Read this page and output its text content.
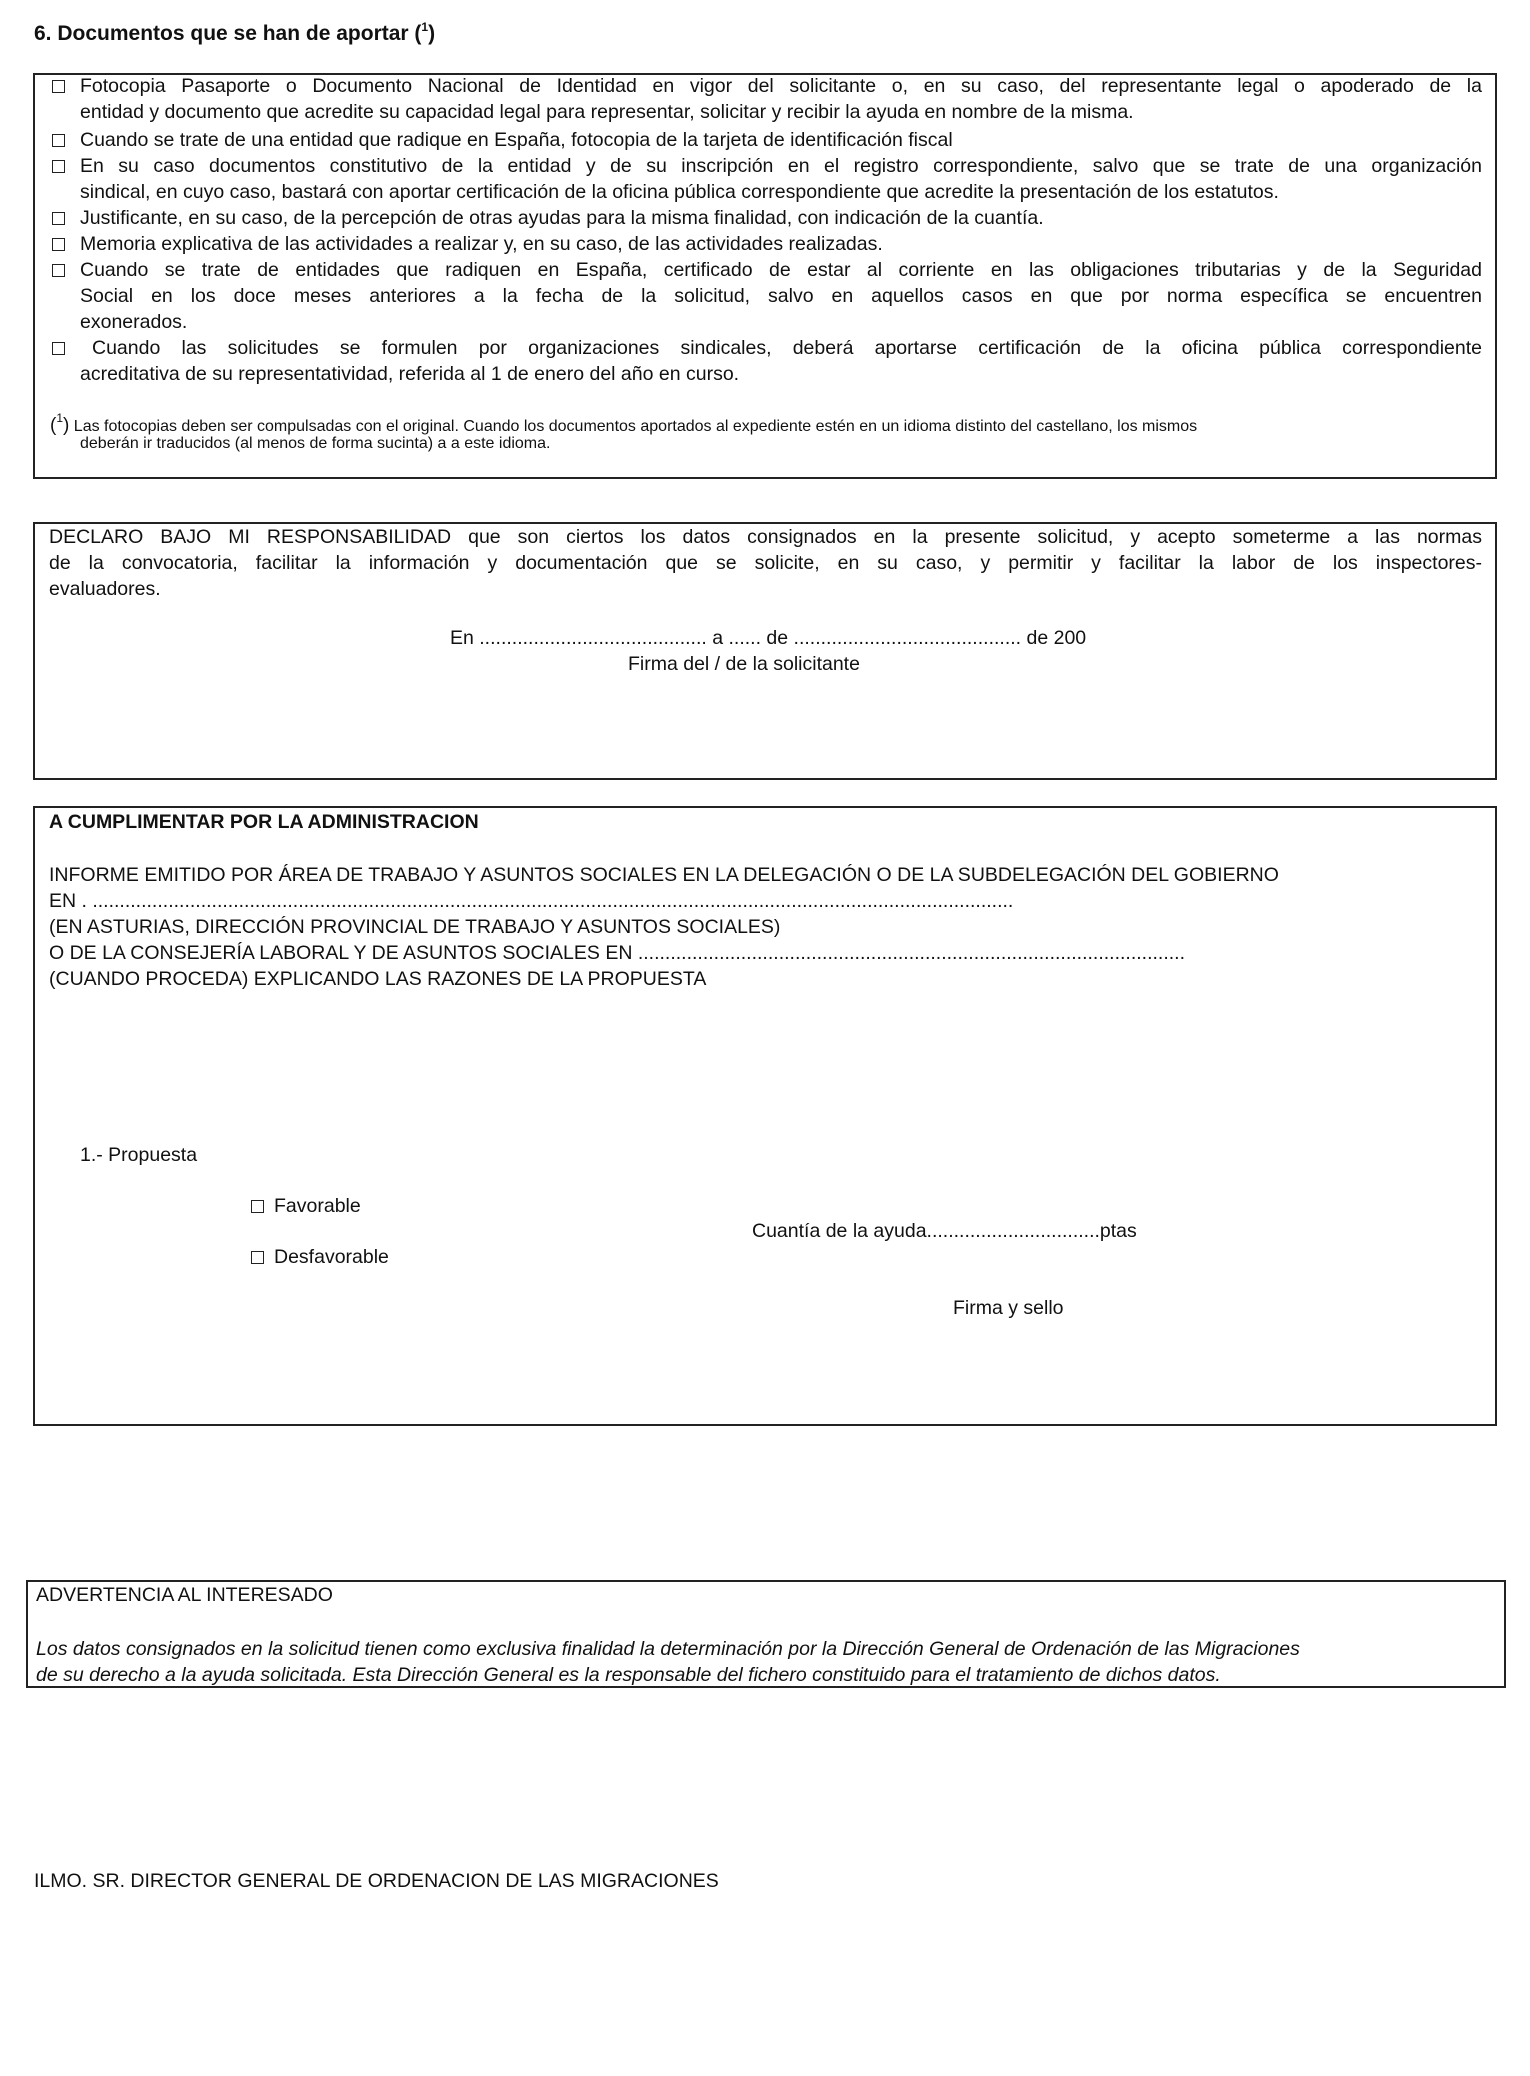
6. Documentos que se han de aportar ($^1$)
Fotocopia Pasaporte o Documento Nacional de Identidad en vigor del solicitante o, en su caso, del representante legal o apoderado de la
entidad y documento que acredite su capacidad legal para representar, solicitar y recibir la ayuda en nombre de la misma.
Cuando se trate de una entidad que radique en España, fotocopia de la tarjeta de identificación fiscal
En su caso documentos constitutivo de la entidad y de su inscripción en el registro correspondiente, salvo que se trate de una organización
sindical, en cuyo caso, bastará con aportar certificación de la oficina pública correspondiente que acredite la presentación de los estatutos.
Justificante, en su caso, de la percepción de otras ayudas para la misma finalidad, con indicación de la cuantía.
Memoria explicativa de las actividades a realizar y, en su caso, de las actividades realizadas.
Cuando se trate de entidades que radiquen en España, certificado de estar al corriente en las obligaciones tributarias y de la Seguridad
Social en los doce meses anteriores a la fecha de la solicitud, salvo en aquellos casos en que por norma específica se encuentren
exonerados.
Cuando las solicitudes se formulen por organizaciones sindicales, deberá aportarse certificación de la oficina pública correspondiente
acreditativa de su representatividad, referida al 1 de enero del año en curso.
($^1$) Las fotocopias deben ser compulsadas con el original. Cuando los documentos aportados al expediente estén en un idioma distinto del castellano, los mismos
deberán ir traducidos (al menos de forma sucinta) a a este idioma.
DECLARO BAJO MI RESPONSABILIDAD que son ciertos los datos consignados en la presente solicitud, y acepto someterme a las normas
de la convocatoria, facilitar la información y documentación que se solicite, en su caso, y permitir y facilitar la labor de los inspectores-
evaluadores.
En .......................................... a ...... de .......................................... de 200
Firma del / de la solicitante
A CUMPLIMENTAR POR LA ADMINISTRACION
INFORME EMITIDO POR ÁREA DE TRABAJO Y ASUNTOS SOCIALES EN LA DELEGACIÓN O DE LA SUBDELEGACIÓN DEL GOBIERNO
EN . ..........................................................................................................................................................................
(EN ASTURIAS, DIRECCIÓN PROVINCIAL DE TRABAJO Y ASUNTOS SOCIALES)
O DE LA CONSEJERÍA LABORAL Y DE ASUNTOS SOCIALES EN .....................................................................................................
(CUANDO PROCEDA) EXPLICANDO LAS RAZONES DE LA PROPUESTA
1.- Propuesta
Favorable
Desfavorable
Cuantía de la ayuda................................ptas
Firma y sello
ADVERTENCIA AL INTERESADO
Los datos consignados en la solicitud tienen como exclusiva finalidad la determinación por la Dirección General de Ordenación de las Migraciones
de su derecho a la ayuda solicitada. Esta Dirección General es la responsable del fichero constituido para el tratamiento de dichos datos.
ILMO. SR. DIRECTOR GENERAL DE ORDENACION DE LAS MIGRACIONES
